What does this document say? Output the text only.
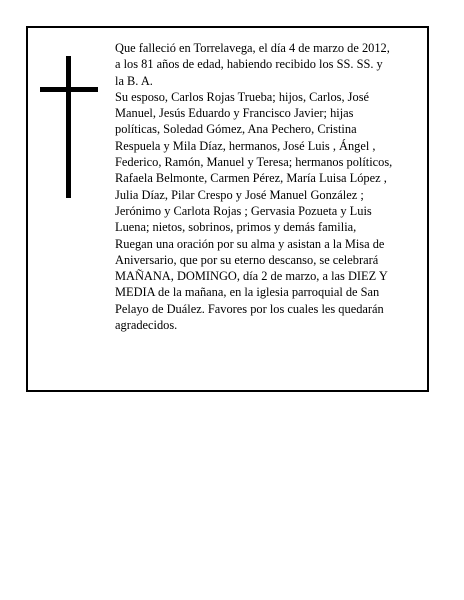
Que falleció en Torrelavega, el día 4 de marzo de 2012,

a los 81 años de edad, habiendo recibido los SS. SS. y

la B. A.

Su esposo, Carlos Rojas Trueba; hijos, Carlos, José

Manuel, Jesús Eduardo y Francisco Javier; hijas

políticas, Soledad Gómez, Ana Pechero, Cristina

Respuela y Mila Díaz, hermanos, José Luis , Ángel ,

Federico, Ramón, Manuel y Teresa; hermanos políticos,

Rafaela Belmonte, Carmen Pérez, María Luisa López ,

Julia Díaz, Pilar Crespo y José Manuel González ;

Jerónimo y Carlota Rojas ; Gervasia Pozueta y Luis

Luena; nietos, sobrinos, primos y demás familia,

Ruegan una oración por su alma y asistan a la Misa de

Aniversario, que por su eterno descanso, se celebrará

MAÑANA, DOMINGO, día 2 de marzo, a las DIEZ Y

MEDIA de la mañana, en la iglesia parroquial de San

Pelayo de Duález. Favores por los cuales les quedarán

agradecidos.
